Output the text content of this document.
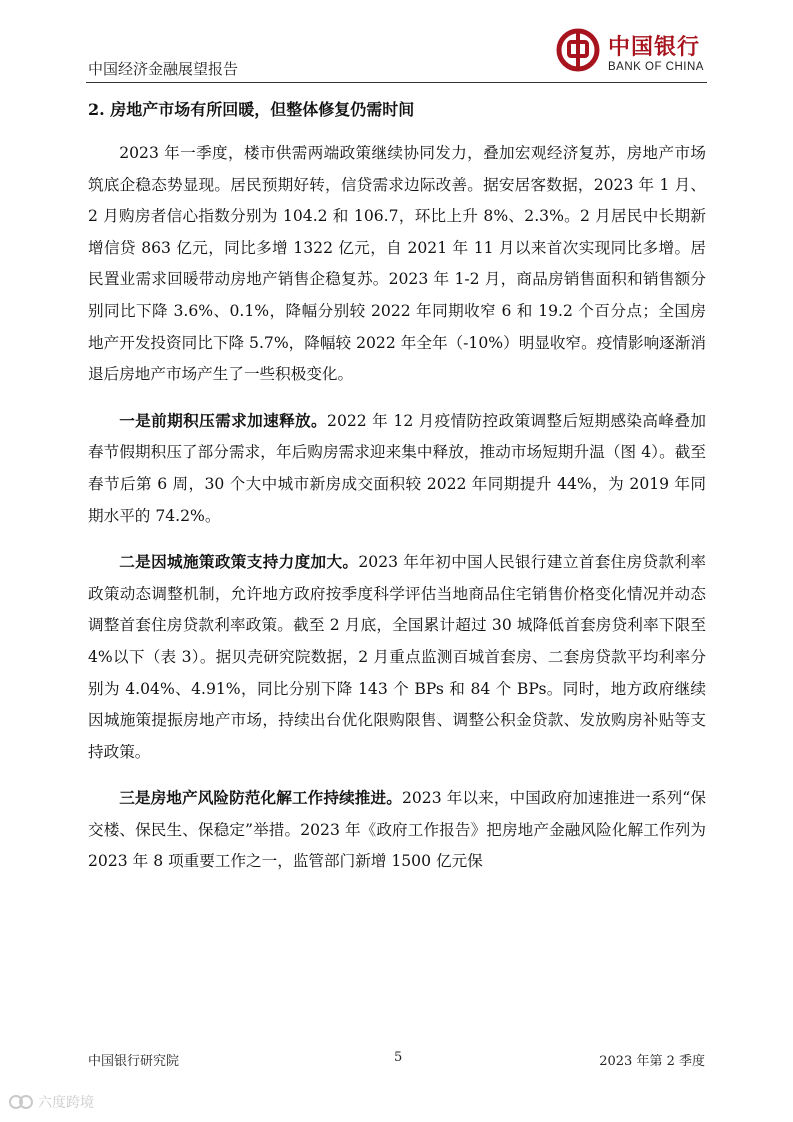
中国经济金融展望报告
中国银行
BANK OF CHINA
2. 房地产市场有所回暖，但整体修复仍需时间

2023 年一季度，楼市供需两端政策继续协同发力，叠加宏观经济复苏，房地产市场筑底企稳态势显现。居民预期好转，信贷需求边际改善。据安居客数据，2023 年 1 月、2 月购房者信心指数分别为 104.2 和 106.7，环比上升 8%、2.3%。2 月居民中长期新增信贷 863 亿元，同比多增 1322 亿元，自 2021 年 11 月以来首次实现同比多增。居民置业需求回暖带动房地产销售企稳复苏。2023 年 1-2 月，商品房销售面积和销售额分别同比下降 3.6%、0.1%，降幅分别较 2022 年同期收窄 6 和 19.2 个百分点；全国房地产开发投资同比下降 5.7%，降幅较 2022 年全年（-10%）明显收窄。疫情影响逐渐消退后房地产市场产生了一些积极变化。

一是前期积压需求加速释放。2022 年 12 月疫情防控政策调整后短期感染高峰叠加春节假期积压了部分需求，年后购房需求迎来集中释放，推动市场短期升温（图 4）。截至春节后第 6 周，30 个大中城市新房成交面积较 2022 年同期提升 44%，为 2019 年同期水平的 74.2%。

二是因城施策政策支持力度加大。2023 年年初中国人民银行建立首套住房贷款利率政策动态调整机制，允许地方政府按季度科学评估当地商品住宅销售价格变化情况并动态调整首套住房贷款利率政策。截至 2 月底，全国累计超过 30 城降低首套房贷利率下限至 4%以下（表 3）。据贝壳研究院数据，2 月重点监测百城首套房、二套房贷款平均利率分别为 4.04%、4.91%，同比分别下降 143 个 BPs 和 84 个 BPs。同时，地方政府继续因城施策提振房地产市场，持续出台优化限购限售、调整公积金贷款、发放购房补贴等支持政策。

三是房地产风险防范化解工作持续推进。2023 年以来，中国政府加速推进一系列“保交楼、保民生、保稳定”举措。2023 年《政府工作报告》把房地产金融风险化解工作列为 2023 年 8 项重要工作之一，监管部门新增 1500 亿元保

中国银行研究院	5	2023 年第 2 季度
六度跨境
